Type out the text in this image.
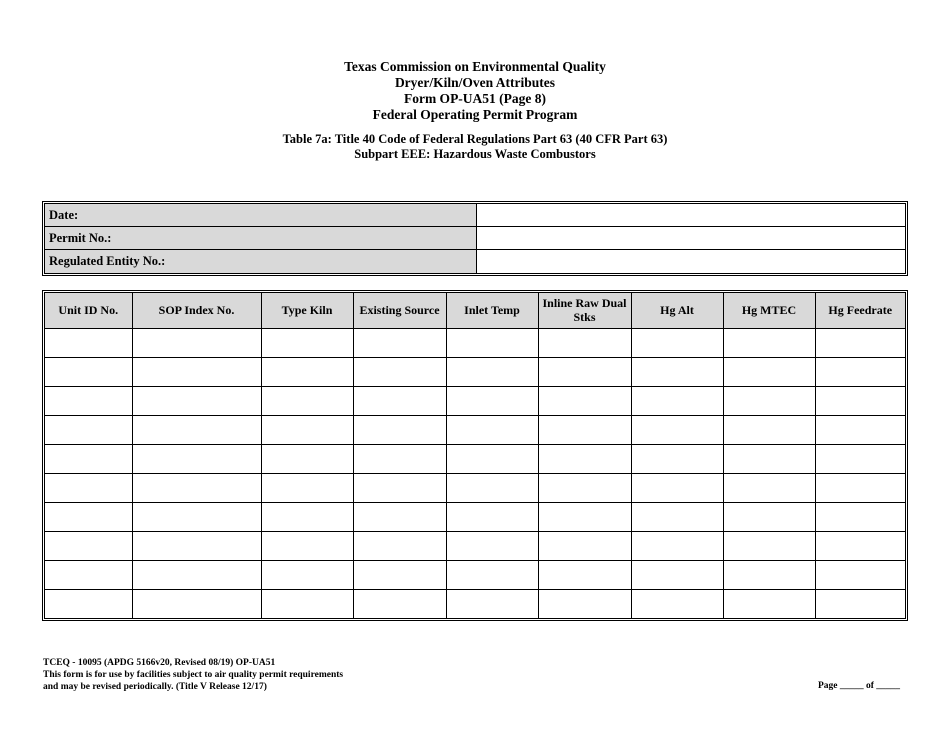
Texas Commission on Environmental Quality
Dryer/Kiln/Oven Attributes
Form OP-UA51 (Page 8)
Federal Operating Permit Program
Table 7a: Title 40 Code of Federal Regulations Part 63 (40 CFR Part 63)
Subpart EEE: Hazardous Waste Combustors
Date:
Permit No.:
Regulated Entity No.:
Unit ID No.	SOP Index No.	Type Kiln	Existing Source	Inlet Temp	Inline Raw Dual Stks	Hg Alt	Hg MTEC	Hg Feedrate

TCEQ - 10095 (APDG 5166v20, Revised 08/19) OP-UA51
This form is for use by facilities subject to air quality permit requirements
and may be revised periodically. (Title V Release 12/17)	Page _____ of _____
